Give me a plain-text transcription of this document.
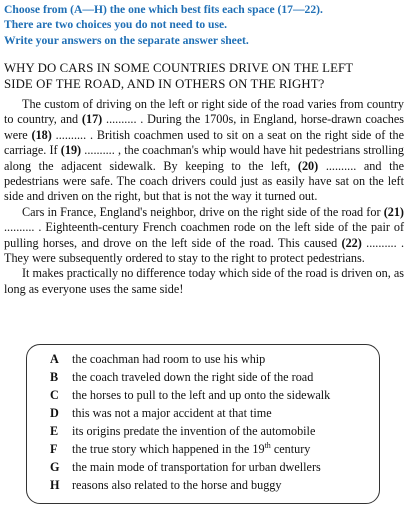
Choose from (A—H) the one which best fits each space (17—22).
There are two choices you do not need to use.
Write your answers on the separate answer sheet.
WHY DO CARS IN SOME COUNTRIES DRIVE ON THE LEFT
SIDE OF THE ROAD, AND IN OTHERS ON THE RIGHT?

The custom of driving on the left or right side of the road varies from country to country, and (17) .......... . During the 1700s, in England, horse-drawn coaches were (18) .......... . British coachmen used to sit on a seat on the right side of the carriage. If (19) .......... , the coachman's whip would have hit pedestrians strolling along the adjacent sidewalk. By keeping to the left, (20) .......... and the pedestrians were safe. The coach drivers could just as easily have sat on the left side and driven on the right, but that is not the way it turned out.

Cars in France, England's neighbor, drive on the right side of the road for (21) .......... . Eighteenth-century French coachmen rode on the left side of the pair of pulling horses, and drove on the left side of the road. This caused (22) .......... . They were subsequently ordered to stay to the right to protect pedestrians.

It makes practically no difference today which side of the road is driven on, as long as everyone uses the same side!

A the coachman had room to use his whip
B the coach traveled down the right side of the road
C the horses to pull to the left and up onto the sidewalk
D this was not a major accident at that time
E its origins predate the invention of the automobile
F the true story which happened in the 19th century
G the main mode of transportation for urban dwellers
H reasons also related to the horse and buggy
